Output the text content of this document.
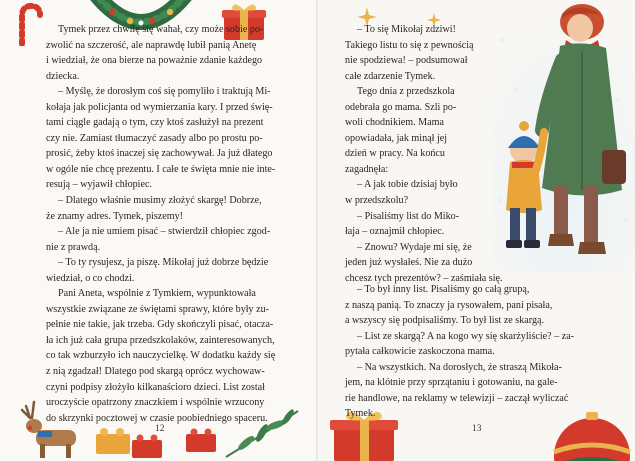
Tymek przez chwilę się wahał, czy może sobie po-
zwolić na szczerość, ale naprawdę lubił panią Anetę
i wiedział, że ona bierze na poważnie zdanie każdego
dziecka.

– Myślę, że dorosłym coś się pomyliło i traktują Mi-
kołaja jak policjanta od wymierzania kary. I przed świę-
tami ciągle gadają o tym, czy ktoś zasłużył na prezent
czy nie. Zamiast tłumaczyć zasady albo po prostu po-
prosić, żeby ktoś inaczej się zachowywał. Ja już dłatego
w ogóle nie chcę prezentu. I całe te święta mnie nie inte-
resują – wyjawił chłopiec.

– Dlatego właśnie musimy złożyć skargę! Dobrze,
że znamy adres. Tymek, piszemy!

– Ale ja nie umiem pisać – stwierdził chłopiec zgod-
nie z prawdą.

– To ty rysujesz, ja piszę. Mikołaj już dobrze będzie
wiedział, o co chodzi.

Pani Aneta, wspólnie z Tymkiem, wypunktowała
wszystkie związane ze świętami sprawy, które były zu-
pełnie nie takie, jak trzeba. Gdy skończyli pisać, otacza-
ła ich już cała grupa przedszkolaków, zainteresowanych,
co tak wzburzyło ich nauczycielkę. W dodatku każdy się
z nią zgadzał! Dlatego pod skargą oprócz wychowaw-
czyni podpisy złożyło kilkanaścioro dzieci. List został
uroczyście opatrzony znaczkiem i wspólnie wrzucony
do skrzynki pocztowej w czasie poobiedniego spaceru.

12	13

– To się Mikołaj zdziwi!
Takiego listu to się z pewnością
nie spodziewa! – podsumował
całe zdarzenie Tymek.

Tego dnia z przedszkola
odebrała go mama. Szli po-
woli chodnikiem. Mama
opowiadała, jak minął jej
dzień w pracy. Na końcu
zagadnęła:

– A jak tobie dzisiaj było
w przedszkolu?

– Pisaliśmy list do Miko-
łaja – oznajmił chłopiec.

– Znowu? Wydaje mi się, że
jeden już wysłałeś. Nie za dużo
chcesz tych prezentów? – zaśmiała się.

– To był inny list. Pisaliśmy go całą grupą,
z naszą panią. To znaczy ja rysowałem, pani pisała,
a wszyscy się podpisaliśmy. To był list ze skargą.

– List ze skargą? A na kogo wy się skarżyliście? – za-
pytała całkowicie zaskoczona mama.

– Na wszystkich. Na dorosłych, że straszą Mikoła-
jem, na klótnie przy sprzątaniu i gotowaniu, na gale-
rie handlowe, na reklamy w telewizji – zaczął wyliczać
Tymek.
